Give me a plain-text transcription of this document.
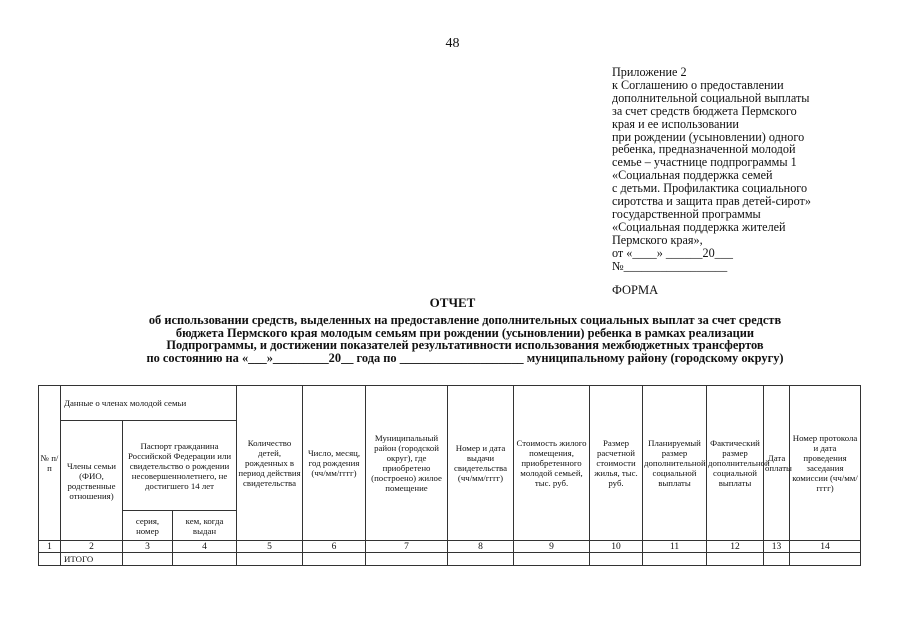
48
Приложение 2
к Соглашению о предоставлении
дополнительной социальной выплаты
за счет средств бюджета Пермского
края и ее использовании
при рождении (усыновлении) одного
ребенка, предназначенной молодой
семье – участнице подпрограммы 1
«Социальная поддержка семей
с детьми. Профилактика социального
сиротства и защита прав детей-сирот»
государственной программы
«Социальная поддержка жителей
Пермского края»,
от «____» ______20___
№_________________
ФОРМА
ОТЧЕТ
об использовании средств, выделенных на предоставление дополнительных социальных выплат за счет средств
бюджета Пермского края молодым семьям при рождении (усыновлении) ребенка в рамках реализации
Подпрограммы, и достижении показателей результативности использования межбюджетных трансфертов
по состоянию на «___»_________20__ года по ____________________ муниципальному району (городскому округу)
№ п/п	Данные о членах молодой семьи			Количество детей, рожденных в период действия свидетельства	Число, месяц, год рождения (чч/мм/гггг)	Муниципальный район (городской округ), где приобретено (построено) жилое помещение	Номер и дата выдачи свидетельства (чч/мм/гггг)	Стоимость жилого помещения, приобретенного молодой семьей, тыс. руб.	Размер расчетной стоимости жилья, тыс. руб.	Планируемый размер дополнительной социальной выплаты	Фактический размер дополнительной социальной выплаты	Дата оплаты	Номер протокола и дата проведения заседания комиссии (чч/мм/гггг)
	Члены семьи (ФИО, родственные отношения)	Паспорт гражданина Российской Федерации или свидетельство о рождении несовершеннолетнего, не достигшего 14 лет											
		серия, номер	кем, когда выдан										
1	2	3	4	5	6	7	8	9	10	11	12	13	14
	ИТОГО												
